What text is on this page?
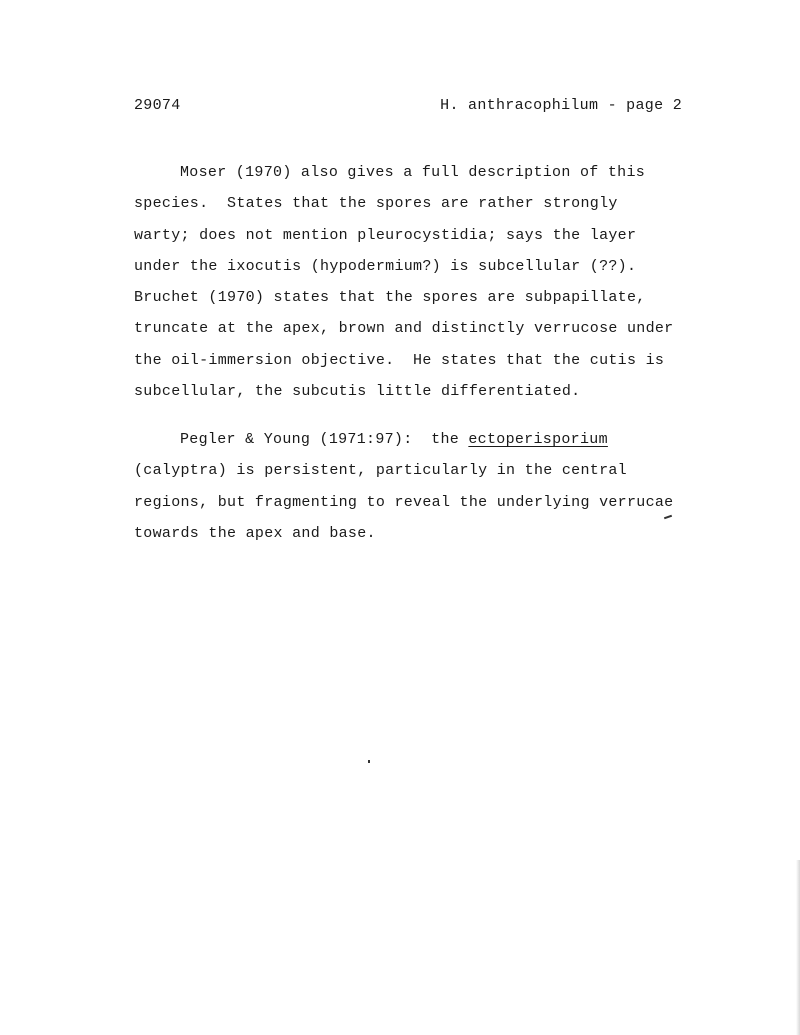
29074	H. anthracophilum - page 2
Moser (1970) also gives a full description of this
species.  States that the spores are rather strongly
warty; does not mention pleurocystidia; says the layer
under the ixocutis (hypodermium?) is subcellular (??).
Bruchet (1970) states that the spores are subpapillate,
truncate at the apex, brown and distinctly verrucose under
the oil-immersion objective.  He states that the cutis is
subcellular, the subcutis little differentiated.
Pegler & Young (1971:97):  the ectoperisporium
(calyptra) is persistent, particularly in the central
regions, but fragmenting to reveal the underlying verrucae
towards the apex and base.
